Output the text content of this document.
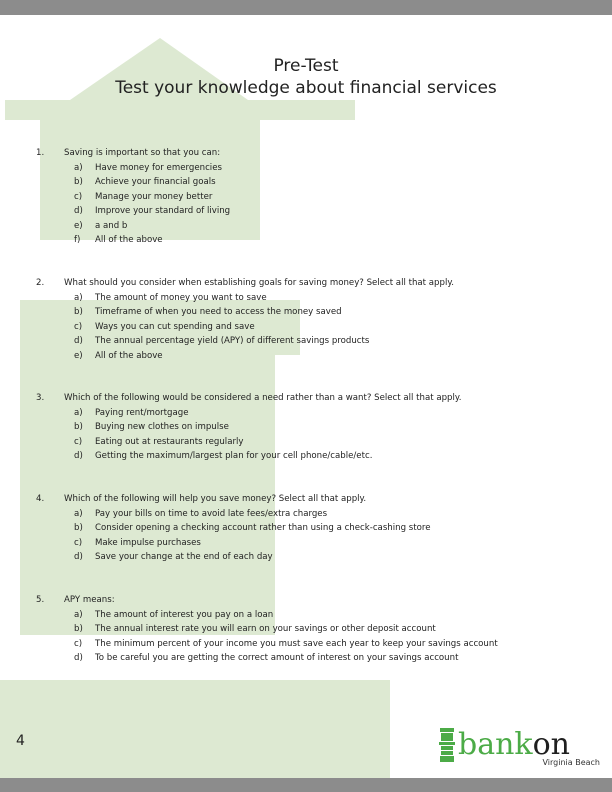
Pre-Test
Test your knowledge about financial services
1. Saving is important so that you can:
a)	Have money for emergencies
b)	Achieve your financial goals
c)	Manage your money better
d)	Improve your standard of living
e)	a and b
f)	All of the above
2. What should you consider when establishing goals for saving money? Select all that apply.
a)	The amount of money you want to save
b)	Timeframe of when you need to access the money saved
c)	Ways you can cut spending and save
d)	The annual percentage yield (APY) of different savings products
e)	All of the above
3. Which of the following would be considered a need rather than a want? Select all that apply.
a)	Paying rent/mortgage
b)	Buying new clothes on impulse
c)	Eating out at restaurants regularly
d)	Getting the maximum/largest plan for your cell phone/cable/etc.
4. Which of the following will help you save money? Select all that apply.
a)	Pay your bills on time to avoid late fees/extra charges
b)	Consider opening a checking account rather than using a check-cashing store
c)	Make impulse purchases
d)	Save your change at the end of each day
5. APY means:
a)	The amount of interest you pay on a loan
b)	The annual interest rate you will earn on your savings or other deposit account
c)	The minimum percent of your income you must save each year to keep your savings account
d)	To be careful you are getting the correct amount of interest on your savings account
4	bankon
Virginia Beach
